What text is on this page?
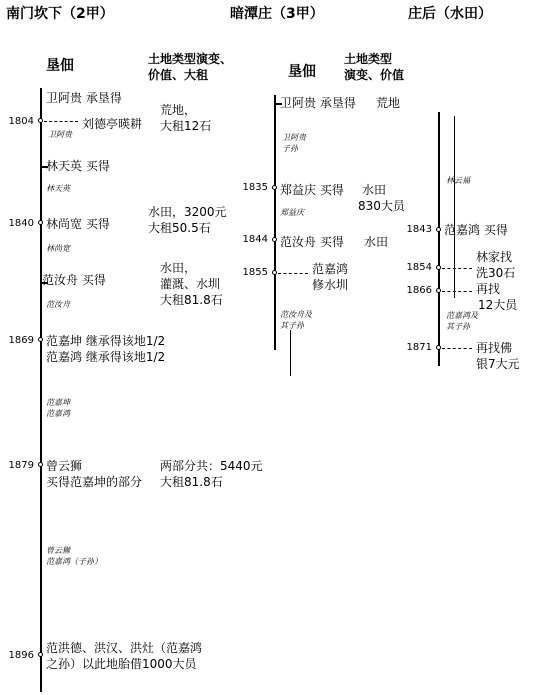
南门坎下（2甲）
垦佃	土地类型演变、
价值、大租
卫阿贵 承垦得
1804	刘德亭暎耕
卫阿贵
荒地，
大租12石
林天英 买得
林天英
1840 林尚宽 买得
林尚宽
水田，3200元
大租50.5石
范汝舟 买得
范汝舟
水田，
灌溉、水圳
大租81.8石
1869 范嘉坤 继承得该地1/2
范嘉鸿 继承得该地1/2
范嘉坤
范嘉鸿
1879 曾云狮
买得范嘉坤的部分
两部分共：5440元
大租81.8石
曾云狮
范嘉鸿（子孙）
1896
范洪德、洪汉、洪灶（范嘉鸿
之孙）以此地胎借1000大员
暗潭庄（3甲）
垦佃
土地类型
演变、价值
卫阿贵 承垦得 荒地
卫阿贵
子孙
1835 郑益庆 买得	水田
830大员
郑益庆
1844 范汝舟 买得 水田
1855	范嘉鸿
修水圳
范汝舟及
其子孙
庄后（水田）
林云福
1843 范嘉鸿 买得
1854
林家找
洗30石
1866	再找
12大员
范嘉鸿及
其子孙
1871	再找佛
银7大元
